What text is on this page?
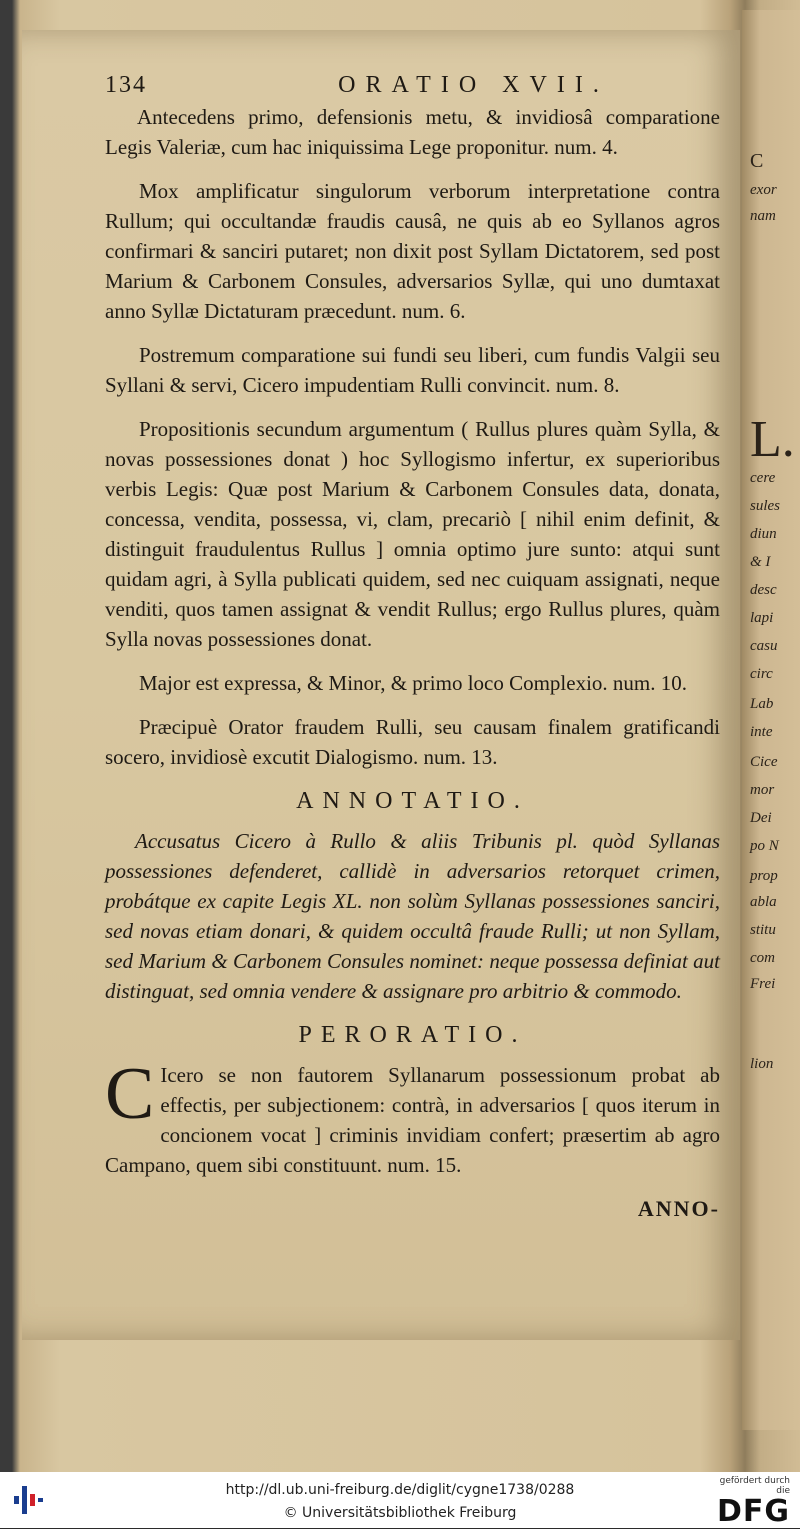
C
exor
nam
L.
cere
sules
diun
& I
desc
lapi
casu
circ
Lab
inte
Cice
mor
Dei
po N
prop
abla
stitu
com
Frei
lion
134	ORATIO XVII.

Antecedens primo, defensionis metu, & invidiosâ comparatione Legis Valeriæ, cum hac iniquissima Lege proponitur. num. 4.

Mox amplificatur singulorum verborum interpretatione contra Rullum; qui occultandæ fraudis causâ, ne quis ab eo Syllanos agros confirmari & sanciri putaret; non dixit post Syllam Dictatorem, sed post Marium & Carbonem Consules, adversarios Syllæ, qui uno dumtaxat anno Syllæ Dictaturam præcedunt. num. 6.

Postremum comparatione sui fundi seu liberi, cum fundis Valgii seu Syllani & servi, Cicero impudentiam Rulli convincit. num. 8.

Propositionis secundum argumentum ( Rullus plures quàm Sylla, & novas possessiones donat ) hoc Syllogismo infertur, ex superioribus verbis Legis: Quæ post Marium & Carbonem Consules data, donata, concessa, vendita, possessa, vi, clam, precariò [ nihil enim definit, & distinguit fraudulentus Rullus ] omnia optimo jure sunto: atqui sunt quidam agri, à Sylla publicati quidem, sed nec cuiquam assignati, neque venditi, quos tamen assignat & vendit Rullus; ergo Rullus plures, quàm Sylla novas possessiones donat.

Major est expressa, & Minor, & primo loco Complexio. num. 10.

Præcipuè Orator fraudem Rulli, seu causam finalem gratificandi socero, invidiosè excutit Dialogismo. num. 13.

ANNOTATIO.

Accusatus Cicero à Rullo & aliis Tribunis pl. quòd Syllanas possessiones defenderet, callidè in adversarios retorquet crimen, probátque ex capite Legis XL. non solùm Syllanas possessiones sanciri, sed novas etiam donari, & quidem occultâ fraude Rulli; ut non Syllam, sed Marium & Carbonem Consules nominet: neque possessa definiat aut distinguat, sed omnia vendere & assignare pro arbitrio & commodo.

PERORATIO.
C Icero se non fautorem Syllanarum possessionum probat ab effectis, per subjectionem: contrà, in adversarios [ quos iterum in concionem vocat ] criminis invidiam confert; præsertim ab agro Campano, quem sibi constituunt. num. 15.

ANNO-
http://dl.ub.uni-freiburg.de/diglit/cygne1738/0288
© Universitätsbibliothek Freiburg
gefördert durch die
DFG
